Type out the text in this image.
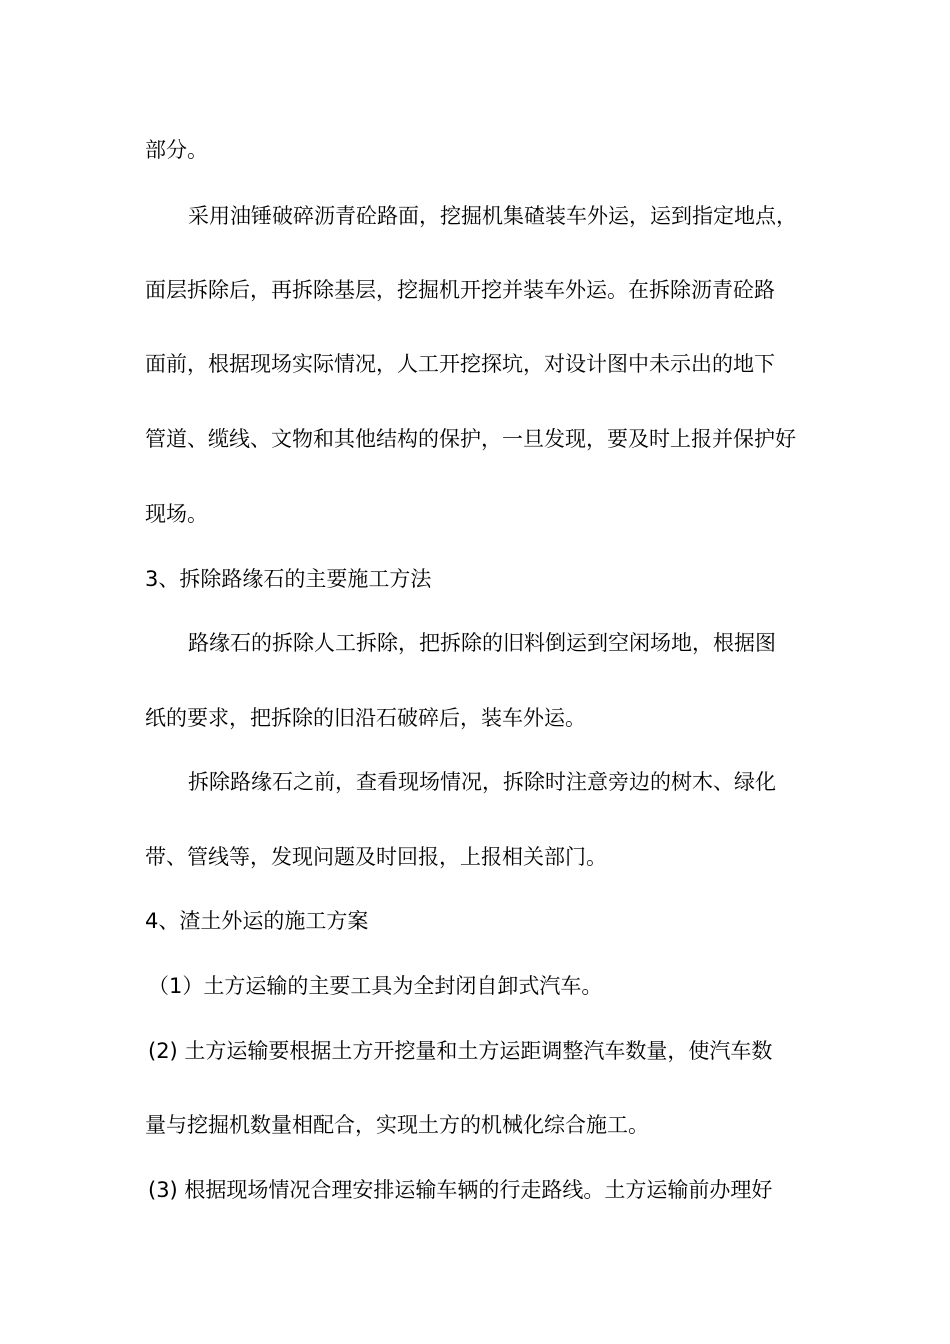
部分。
采用油锤破碎沥青砼路面，挖掘机集碴装车外运，运到指定地点，
面层拆除后，再拆除基层，挖掘机开挖并装车外运。在拆除沥青砼路
面前，根据现场实际情况，人工开挖探坑，对设计图中未示出的地下
管道、缆线、文物和其他结构的保护，一旦发现，要及时上报并保护好
现场。
3、拆除路缘石的主要施工方法
路缘石的拆除人工拆除，把拆除的旧料倒运到空闲场地，根据图
纸的要求，把拆除的旧沿石破碎后，装车外运。
拆除路缘石之前，查看现场情况，拆除时注意旁边的树木、绿化
带、管线等，发现问题及时回报，上报相关部门。
4、渣土外运的施工方案
（1）土方运输的主要工具为全封闭自卸式汽车。
(2) 土方运输要根据土方开挖量和土方运距调整汽车数量，使汽车数
量与挖掘机数量相配合，实现土方的机械化综合施工。
(3) 根据现场情况合理安排运输车辆的行走路线。土方运输前办理好
